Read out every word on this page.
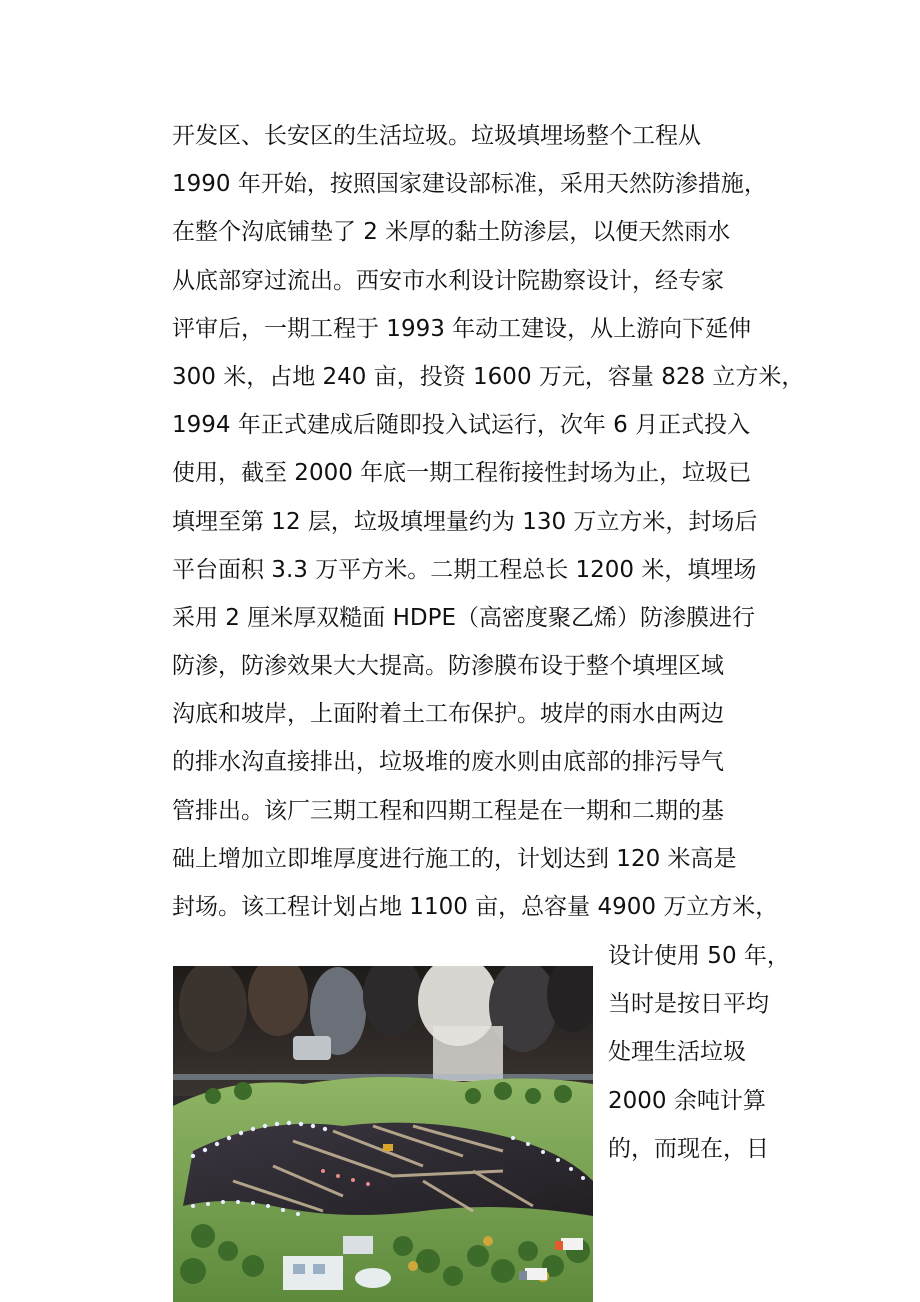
开发区、长安区的生活垃圾。垃圾填埋场整个工程从
1990 年开始，按照国家建设部标准，采用天然防渗措施，
在整个沟底铺垫了 2 米厚的黏土防渗层，以便天然雨水
从底部穿过流出。西安市水利设计院勘察设计，经专家
评审后，一期工程于 1993 年动工建设，从上游向下延伸
300 米，占地 240 亩，投资 1600 万元，容量 828 立方米，
1994 年正式建成后随即投入试运行，次年 6 月正式投入
使用，截至 2000 年底一期工程衔接性封场为止，垃圾已
填埋至第 12 层，垃圾填埋量约为 130 万立方米，封场后
平台面积 3.3 万平方米。二期工程总长 1200 米，填埋场
采用 2 厘米厚双糙面 HDPE（高密度聚乙烯）防渗膜进行
防渗，防渗效果大大提高。防渗膜布设于整个填埋区域
沟底和坡岸，上面附着土工布保护。坡岸的雨水由两边
的排水沟直接排出，垃圾堆的废水则由底部的排污导气
管排出。该厂三期工程和四期工程是在一期和二期的基
础上增加立即堆厚度进行施工的，计划达到 120 米高是
封场。该工程计划占地 1100 亩，总容量 4900 万立方米，
设计使用 50 年，
当时是按日平均
处理生活垃圾
2000 余吨计算
的，而现在，日
